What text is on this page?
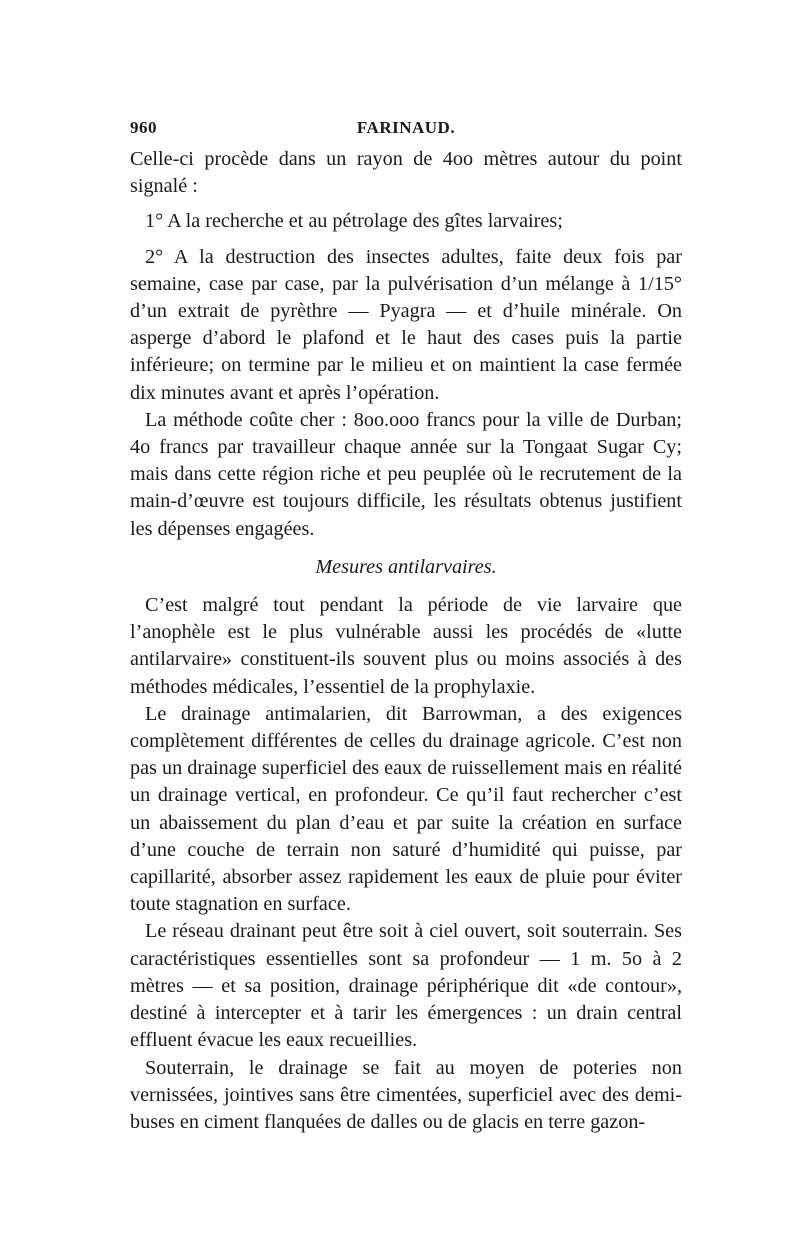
960	FARINAUD.

Celle-ci procède dans un rayon de 4oo mètres autour du point signalé :

1° A la recherche et au pétrolage des gîtes larvaires;

2° A la destruction des insectes adultes, faite deux fois par semaine, case par case, par la pulvérisation d’un mélange à 1/15° d’un extrait de pyrèthre — Pyagra — et d’huile minérale. On asperge d’abord le plafond et le haut des cases puis la partie inférieure; on termine par le milieu et on maintient la case fermée dix minutes avant et après l’opération.

La méthode coûte cher : 8oo.ooo francs pour la ville de Durban; 4o francs par travailleur chaque année sur la Tongaat Sugar Cy; mais dans cette région riche et peu peuplée où le recrutement de la main-d’œuvre est toujours difficile, les résultats obtenus justifient les dépenses engagées.

Mesures antilarvaires.

C’est malgré tout pendant la période de vie larvaire que l’anophèle est le plus vulnérable aussi les procédés de «lutte antilarvaire» constituent-ils souvent plus ou moins associés à des méthodes médicales, l’essentiel de la prophylaxie.

Le drainage antimalarien, dit Barrowman, a des exigences complètement différentes de celles du drainage agricole. C’est non pas un drainage superficiel des eaux de ruissellement mais en réalité un drainage vertical, en profondeur. Ce qu’il faut rechercher c’est un abaissement du plan d’eau et par suite la création en surface d’une couche de terrain non saturé d’humidité qui puisse, par capillarité, absorber assez rapidement les eaux de pluie pour éviter toute stagnation en surface.

Le réseau drainant peut être soit à ciel ouvert, soit souterrain. Ses caractéristiques essentielles sont sa profondeur — 1 m. 5o à 2 mètres — et sa position, drainage périphérique dit «de contour», destiné à intercepter et à tarir les émergences : un drain central effluent évacue les eaux recueillies.

Souterrain, le drainage se fait au moyen de poteries non vernissées, jointives sans être cimentées, superficiel avec des demi-buses en ciment flanquées de dalles ou de glacis en terre gazon-
